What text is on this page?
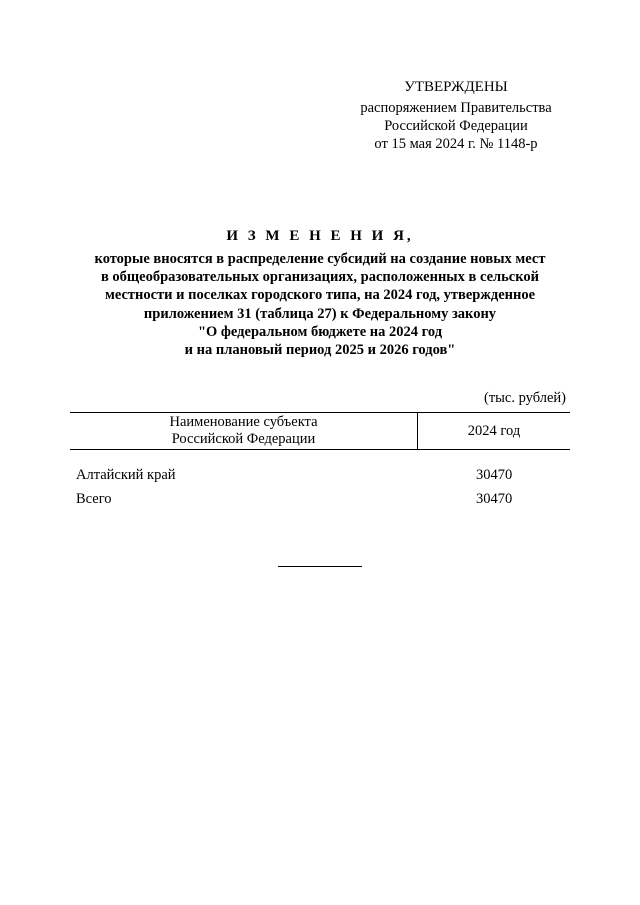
УТВЕРЖДЕНЫ
распоряжением Правительства
Российской Федерации
от 15 мая 2024 г. № 1148-р
И З М Е Н Е Н И Я,
которые вносятся в распределение субсидий на создание новых мест
в общеобразовательных организациях, расположенных в сельской
местности и поселках городского типа, на 2024 год, утвержденное
приложением 31 (таблица 27) к Федеральному закону
"О федеральном бюджете на 2024 год
и на плановый период 2025 и 2026 годов"
(тыс. рублей)
Наименование субъекта
Российской Федерации	2024 год
Алтайский край	30470
Всего	30470
